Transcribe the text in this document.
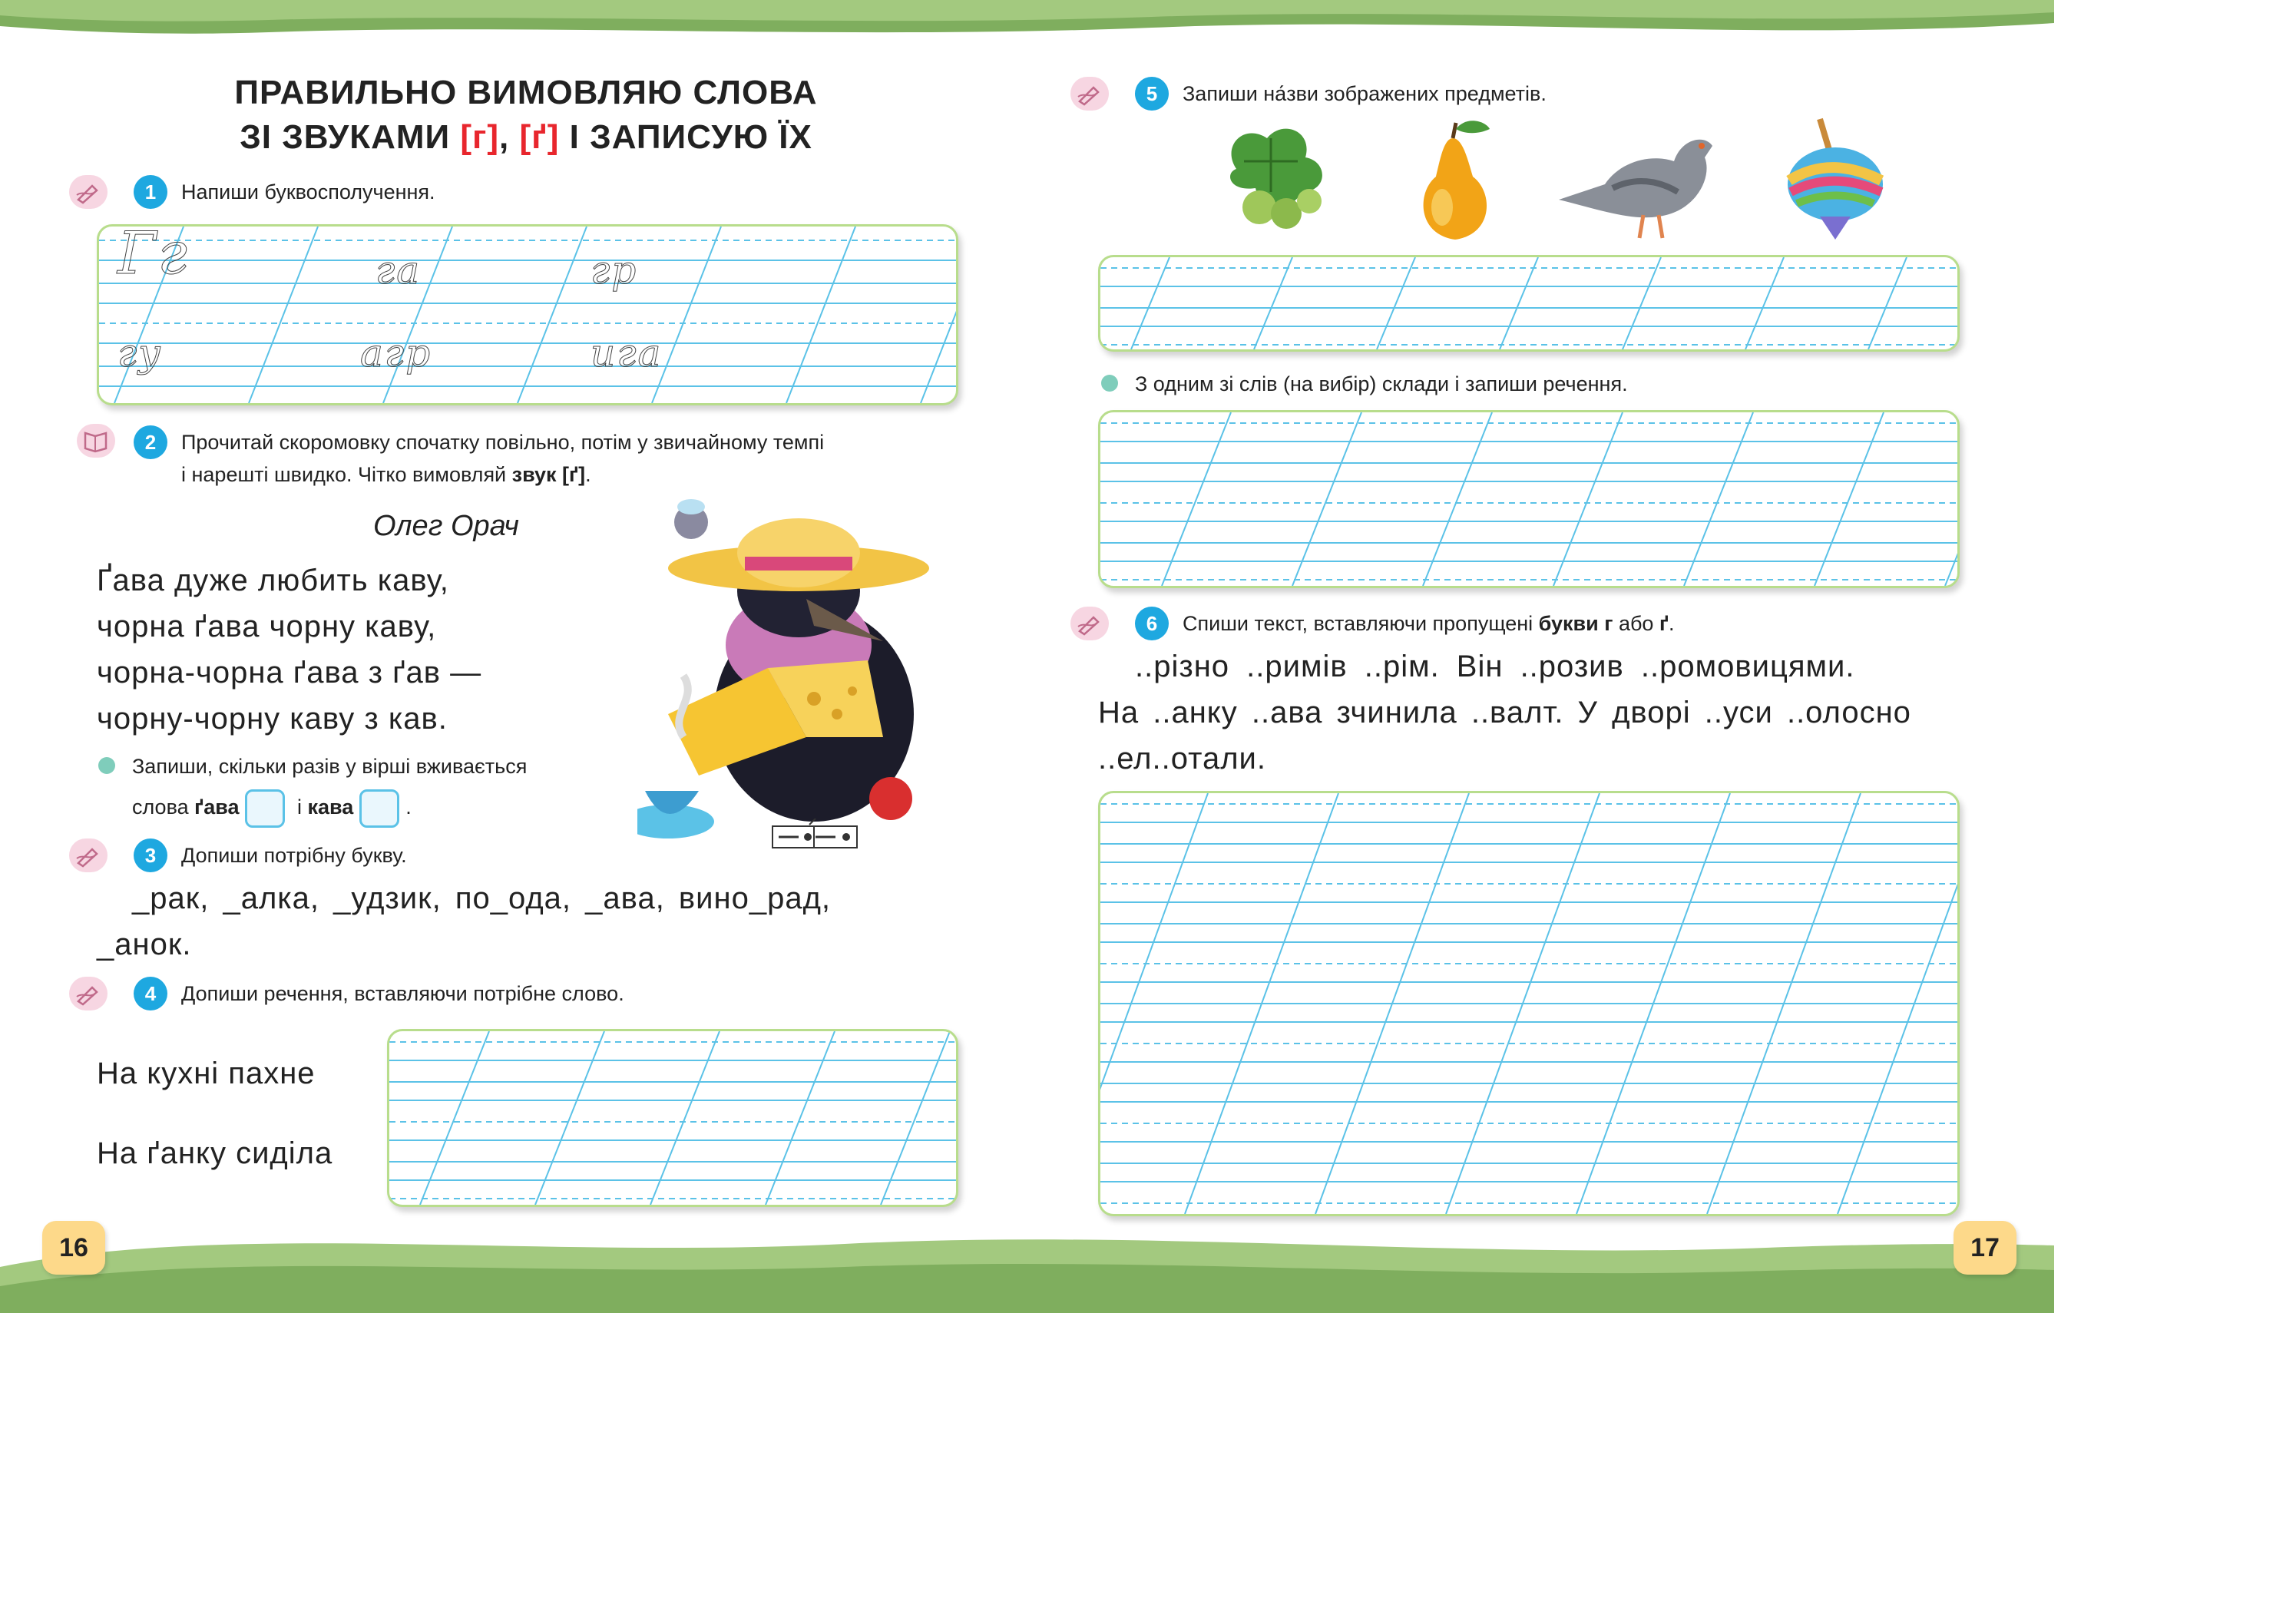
ПРАВИЛЬНО ВИМОВЛЯЮ СЛОВА
ЗІ ЗВУКАМИ [г], [ґ] І ЗАПИСУЮ ЇХ
1	Напиши буквосполучення.
Гг	га	гр
гу	агр	ига
2	Прочитай скоромовку спочатку повільно, потім у звичайному темпі
і нарешті швидко. Чітко вимовляй звук [ґ].
Олег Орач
Ґава дуже любить каву,
чорна ґава чорну каву,
чорна-чорна ґава з ґав —
чорну-чорну каву з кав.
Запиши, скільки разів у вірші вживається
слова ґава	і кава	.
3	Допиши потрібну букву.
_рак, _алка, _удзик, по_ода, _ава, вино_рад,
_анок.
4	Допиши речення, вставляючи потрібне слово.
На кухні пахне
На ґанку сиділа
16
5	Запиши на́зви зображених предметів.
З одним зі слів (на вибір) склади і запиши речення.
6	Спиши текст, вставляючи пропущені букви г або ґ.
..різно ..римів ..рім. Він ..розив ..ромовицями.
На ..анку ..ава зчинила ..валт. У дворі ..уси ..олосно
..ел..отали.
17
